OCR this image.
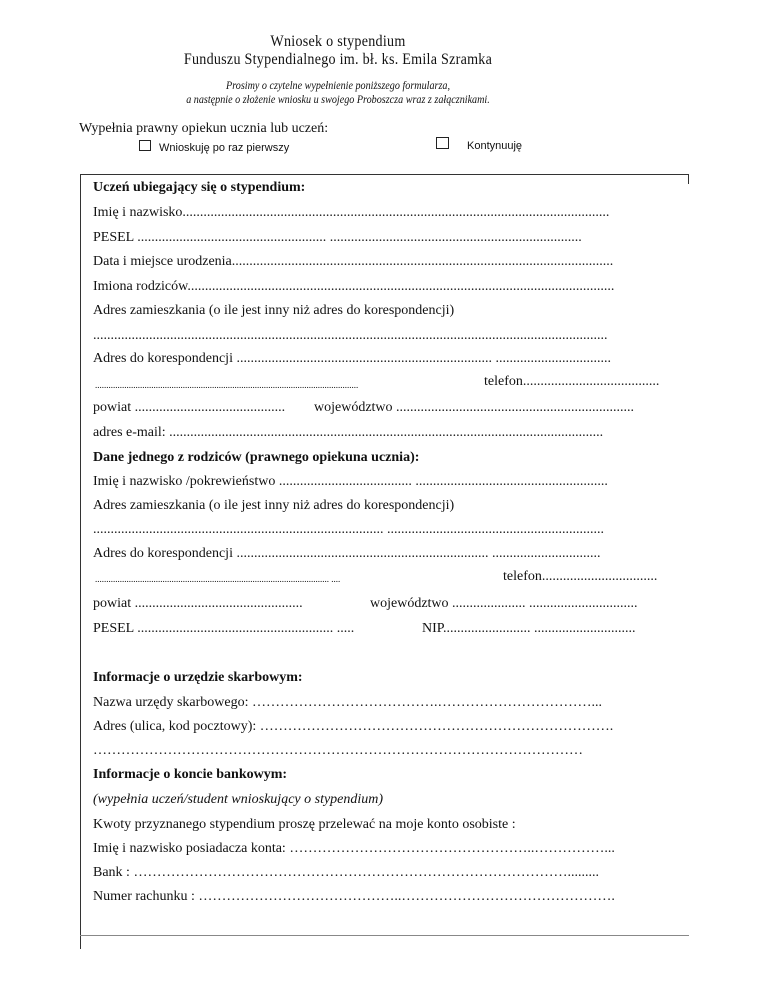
Wniosek o stypendium
Funduszu Stypendialnego im. bł. ks. Emila Szramka
Prosimy o czytelne wypełnienie poniższego formularza,
a następnie o złożenie wniosku u swojego Proboszcza wraz z załącznikami.
Wypełnia prawny opiekun ucznia lub uczeń:
Wnioskuję po raz pierwszy	Kontynuuję
Uczeń ubiegający się o stypendium:
Imię i nazwisko..........................................................................................................................
PESEL ...................................................... ........................................................................
Data i miejsce urodzenia.............................................................................................................
Imiona rodziców..........................................................................................................................
Adres zamieszkania (o ile jest inny niż adres do korespondencji)
...................................................................................................................................................
Adres do korespondencji ......................................................................... .................................
.....................................................................................................................	telefon.......................................
powiat ........................................... województwo ....................................................................
adres e-mail: ............................................................................................................................
Dane jednego z rodziców (prawnego opiekuna ucznia):
Imię i nazwisko /pokrewieństwo ...................................... .......................................................
Adres zamieszkania (o ile jest inny niż adres do korespondencji)
................................................................................... ..............................................................
Adres do korespondencji ........................................................................ ...............................
........................................................................................................ ....	telefon.................................
powiat ................................................	województwo ..................... ...............................
PESEL ........................................................ .....	NIP......................... .............................
Informacje o urzędzie skarbowym:
Nazwa urzędy skarbowego: ………………………………….……………………………...
Adres (ulica, kod pocztowy): ………………………………………………………………….
……………………………………………………………………………………………
Informacje o koncie bankowym:
(wypełnia uczeń/student wnioskujący o stypendium)
Kwoty przyznanego stypendium proszę przelewać na moje konto osobiste :
Imię i nazwisko posiadacza konta: ……………………………………………..……………...
Bank : ………………………………………………………………………………….........
Numer rachunku : ……………………………………..……………………………………….
